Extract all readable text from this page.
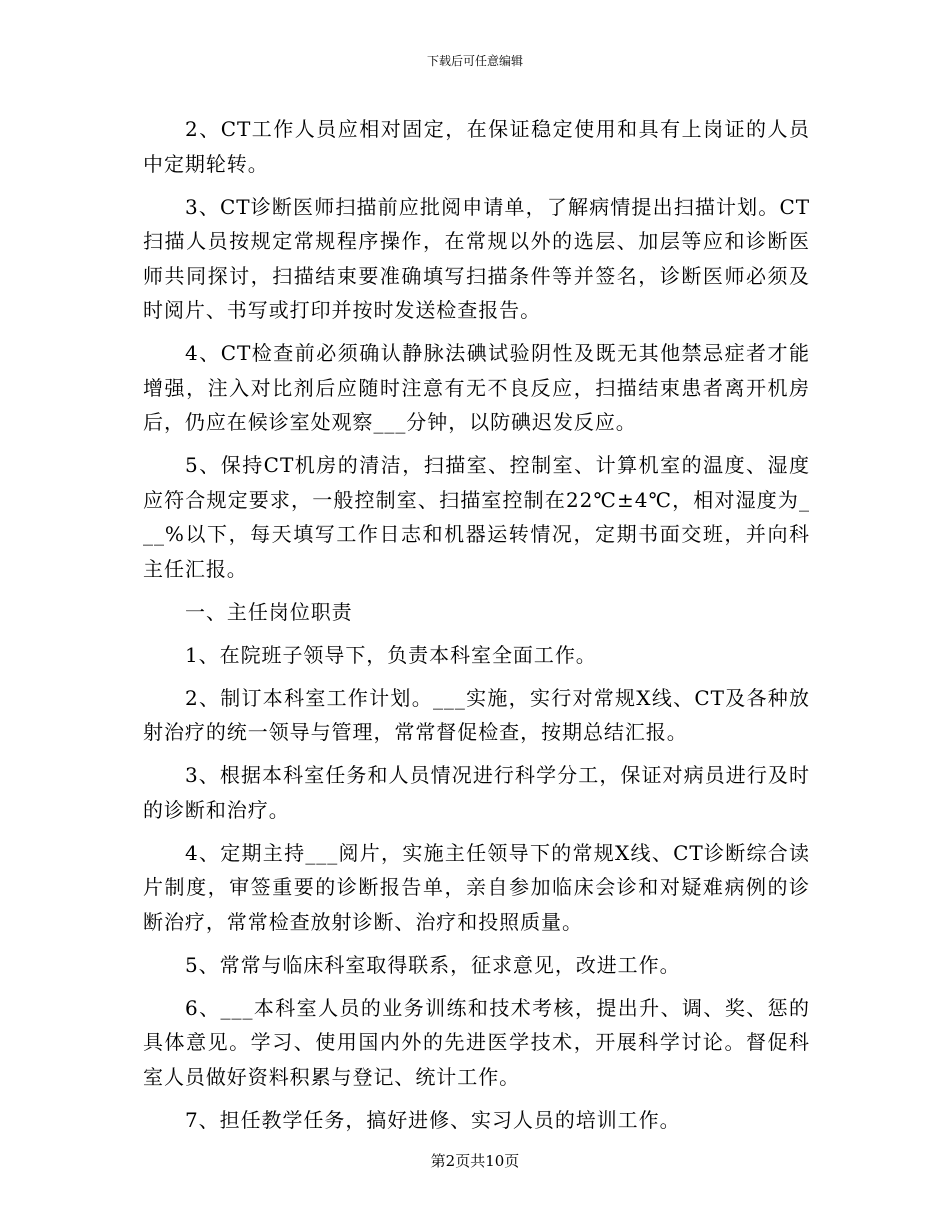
下载后可任意编辑

2、CT工作人员应相对固定，在保证稳定使用和具有上岗证的人员中定期轮转。

3、CT诊断医师扫描前应批阅申请单，了解病情提出扫描计划。CT扫描人员按规定常规程序操作，在常规以外的选层、加层等应和诊断医师共同探讨，扫描结束要准确填写扫描条件等并签名，诊断医师必须及时阅片、书写或打印并按时发送检查报告。

4、CT检查前必须确认静脉法碘试验阴性及既无其他禁忌症者才能增强，注入对比剂后应随时注意有无不良反应，扫描结束患者离开机房后，仍应在候诊室处观察___分钟，以防碘迟发反应。

5、保持CT机房的清洁，扫描室、控制室、计算机室的温度、湿度应符合规定要求，一般控制室、扫描室控制在22℃±4℃，相对湿度为___%以下，每天填写工作日志和机器运转情况，定期书面交班，并向科主任汇报。

一、主任岗位职责

1、在院班子领导下，负责本科室全面工作。

2、制订本科室工作计划。___实施，实行对常规X线、CT及各种放射治疗的统一领导与管理，常常督促检查，按期总结汇报。

3、根据本科室任务和人员情况进行科学分工，保证对病员进行及时的诊断和治疗。

4、定期主持___阅片，实施主任领导下的常规X线、CT诊断综合读片制度，审签重要的诊断报告单，亲自参加临床会诊和对疑难病例的诊断治疗，常常检查放射诊断、治疗和投照质量。

5、常常与临床科室取得联系，征求意见，改进工作。

6、___本科室人员的业务训练和技术考核，提出升、调、奖、惩的具体意见。学习、使用国内外的先进医学技术，开展科学讨论。督促科室人员做好资料积累与登记、统计工作。

7、担任教学任务，搞好进修、实习人员的培训工作。

第2页共10页
